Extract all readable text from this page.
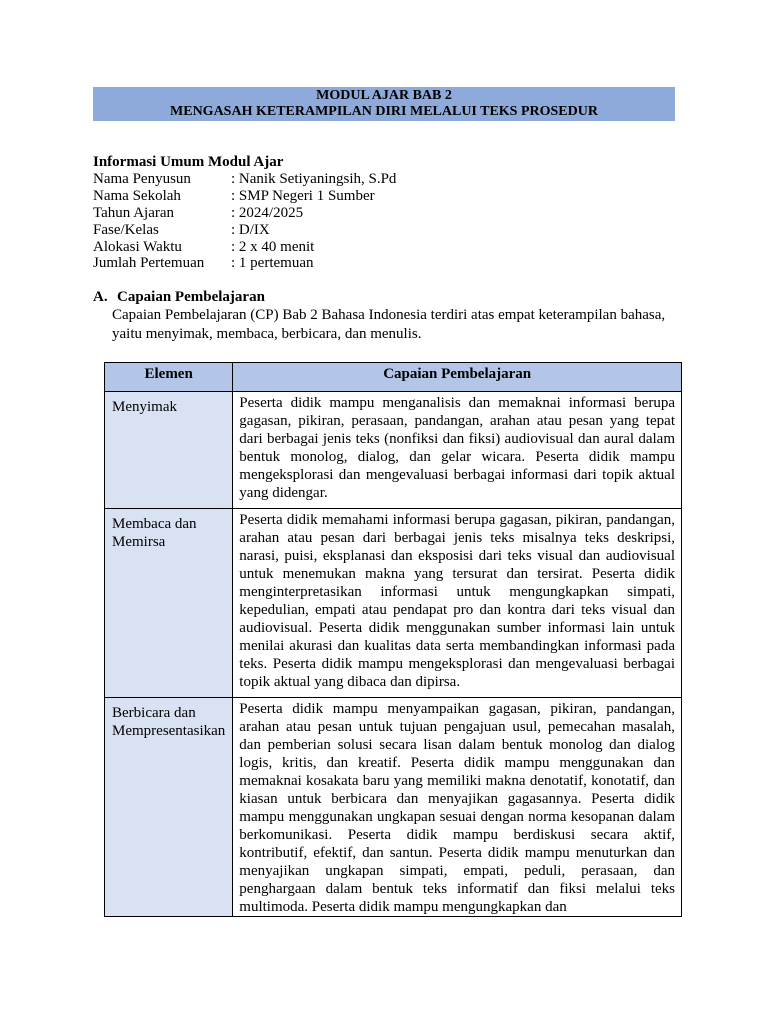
MODUL AJAR BAB 2
MENGASAH KETERAMPILAN DIRI MELALUI TEKS PROSEDUR
Informasi Umum Modul Ajar
Nama Penyusun	: Nanik Setiyaningsih, S.Pd
Nama Sekolah	: SMP Negeri 1 Sumber
Tahun Ajaran	: 2024/2025
Fase/Kelas	: D/IX
Alokasi Waktu	: 2 x 40 menit
Jumlah Pertemuan	: 1 pertemuan
A. Capaian Pembelajaran
Capaian Pembelajaran (CP) Bab 2 Bahasa Indonesia terdiri atas empat keterampilan bahasa, yaitu menyimak, membaca, berbicara, dan menulis.
Elemen	Capaian Pembelajaran
Menyimak	Peserta didik mampu menganalisis dan memaknai informasi berupa gagasan, pikiran, perasaan, pandangan, arahan atau pesan yang tepat dari berbagai jenis teks (nonfiksi dan fiksi) audiovisual dan aural dalam bentuk monolog, dialog, dan gelar wicara. Peserta didik mampu mengeksplorasi dan mengevaluasi berbagai informasi dari topik aktual yang didengar.
Membaca dan Memirsa	Peserta didik memahami informasi berupa gagasan, pikiran, pandangan, arahan atau pesan dari berbagai jenis teks misalnya teks deskripsi, narasi, puisi, eksplanasi dan eksposisi dari teks visual dan audiovisual untuk menemukan makna yang tersurat dan tersirat. Peserta didik menginterpretasikan informasi untuk mengungkapkan simpati, kepedulian, empati atau pendapat pro dan kontra dari teks visual dan audiovisual. Peserta didik menggunakan sumber informasi lain untuk menilai akurasi dan kualitas data serta membandingkan informasi pada teks. Peserta didik mampu mengeksplorasi dan mengevaluasi berbagai topik aktual yang dibaca dan dipirsa.
Berbicara dan Mempresentasikan	Peserta didik mampu menyampaikan gagasan, pikiran, pandangan, arahan atau pesan untuk tujuan pengajuan usul, pemecahan masalah, dan pemberian solusi secara lisan dalam bentuk monolog dan dialog logis, kritis, dan kreatif. Peserta didik mampu menggunakan dan memaknai kosakata baru yang memiliki makna denotatif, konotatif, dan kiasan untuk berbicara dan menyajikan gagasannya. Peserta didik mampu menggunakan ungkapan sesuai dengan norma kesopanan dalam berkomunikasi. Peserta didik mampu berdiskusi secara aktif, kontributif, efektif, dan santun. Peserta didik mampu menuturkan dan menyajikan ungkapan simpati, empati, peduli, perasaan, dan penghargaan dalam bentuk teks informatif dan fiksi melalui teks multimoda. Peserta didik mampu mengungkapkan dan
